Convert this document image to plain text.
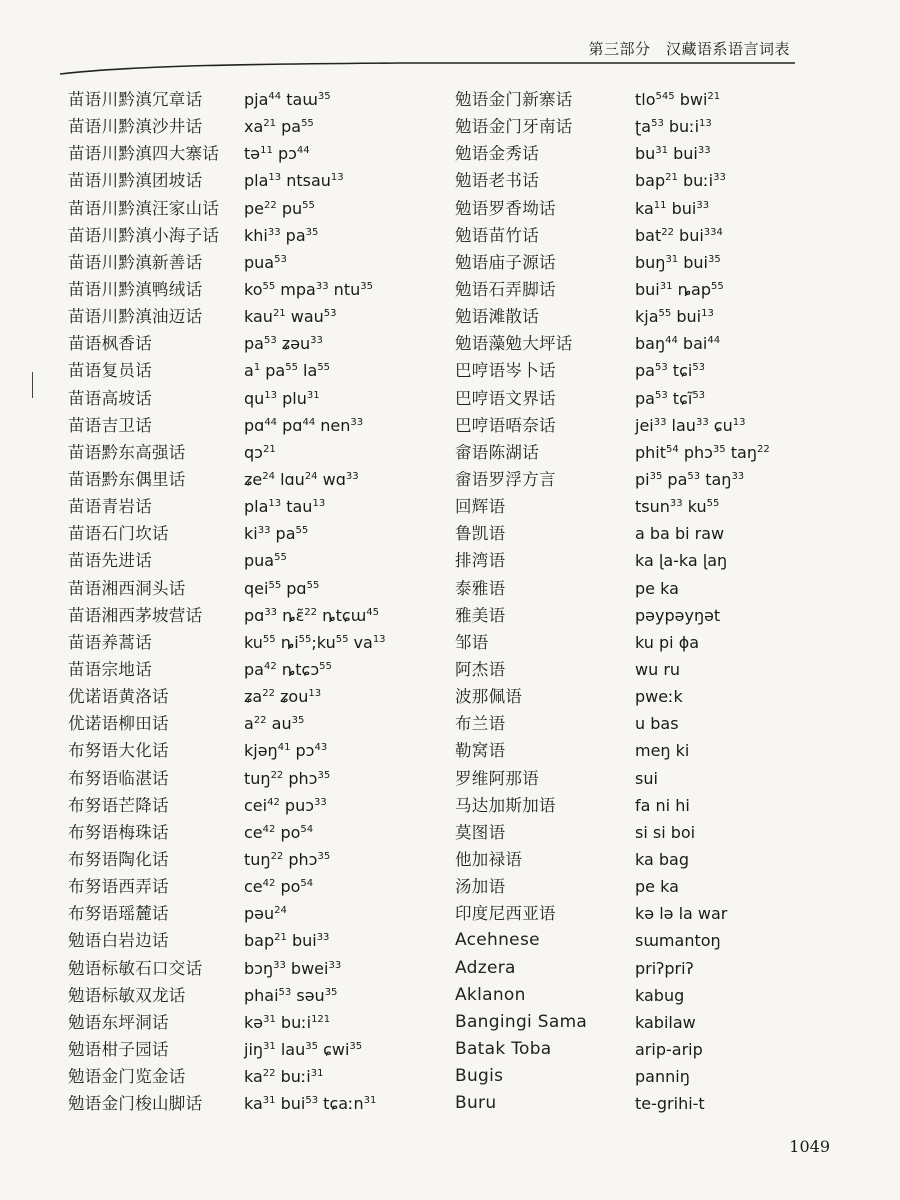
第三部分　汉藏语系语言词表
苗语川黔滇冗章话
苗语川黔滇沙井话
苗语川黔滇四大寨话
苗语川黔滇团坡话
苗语川黔滇汪家山话
苗语川黔滇小海子话
苗语川黔滇新善话
苗语川黔滇鸭绒话
苗语川黔滇油迈话
苗语枫香话
苗语复员话
苗语高坡话
苗语吉卫话
苗语黔东高强话
苗语黔东偶里话
苗语青岩话
苗语石门坎话
苗语先进话
苗语湘西洞头话
苗语湘西茅坡营话
苗语养蒿话
苗语宗地话
优诺语黄洛话
优诺语柳田话
布努语大化话
布努语临湛话
布努语芒降话
布努语梅珠话
布努语陶化话
布努语西弄话
布努语瑶麓话
勉语白岩边话
勉语标敏石口交话
勉语标敏双龙话
勉语东坪洞话
勉语柑子园话
勉语金门览金话
勉语金门梭山脚话
pja$^{44}$ taɯ$^{35}$
$xa^{21}$ $pa^{55}$
tə$^{11}$ pɔ$^{44}$
pla$^{13}$ ntsau$^{13}$
$pe^{22}$ $pu^{55}$
khi$^{33}$ $pa^{35}$
pua$^{53}$
$ko^{55}$ mpa$^{33}$ ntu$^{35}$
kau$^{21}$ wau$^{53}$
$pa^{53}$ ʑəu$^{33}$
$a^1$ $pa^{55}$ $la^{55}$
$qu^{13}$ plu$^{31}$
pɑ$^{44}$ pɑ$^{44}$ nen$^{33}$
qɔ$^{21}$
ʑe$^{24}$ lɑu$^{24}$ wɑ$^{33}$
pla$^{13}$ tau$^{13}$
$ki^{33}$ $pa^{55}$
pua$^{55}$
qei$^{55}$ pɑ$^{55}$
pɑ$^{33}$ ȵɛ̃$^{22}$ ȵtɕɯ$^{45}$
$ku^{55}$ $ȵi^{55};ku^{55}$ $va^{13}$
$pa^{42}$ ȵtɕɔ$^{55}$
ʑa$^{22}$ ʑou$^{13}$
$a^{22}$ $au^{35}$
kjəŋ$^{41}$ pɔ$^{43}$
tuŋ$^{22}$ phɔ$^{35}$
cei$^{42}$ puɔ$^{33}$
$ce^{42}$ $po^{54}$
tuŋ$^{22}$ phɔ$^{35}$
$ce^{42}$ $po^{54}$
pəu$^{24}$
bap$^{21}$ bui$^{33}$
bɔŋ$^{33}$ bwei$^{33}$
phai$^{53}$ səu$^{35}$
kə$^{31}$ buːi$^{121}$
jiŋ$^{31}$ lau$^{35}$ ɕwi$^{35}$
$ka^{22}$ buːi$^{31}$
$ka^{31}$ bui$^{53}$ tɕaːn$^{31}$
勉语金门新寨话
勉语金门牙南话
勉语金秀话
勉语老书话
勉语罗香坳话
勉语苗竹话
勉语庙子源话
勉语石弄脚话
勉语滩散话
勉语藻勉大坪话
巴哼语岑卜话
巴哼语文界话
巴哼语唔奈话
畲语陈湖话
畲语罗浮方言
回辉语
鲁凯语
排湾语
泰雅语
雅美语
邹语
阿杰语
波那佩语
布兰语
勒窝语
罗维阿那语
马达加斯加语
莫图语
他加禄语
汤加语
印度尼西亚语
Acehnese
Adzera
Aklanon
Bangingi Sama
Batak Toba
Bugis
Buru
tlo$^{545}$ bwi$^{21}$
ʈa$^{53}$ buːi$^{13}$
$bu^{31}$ bui$^{33}$
bap$^{21}$ buːi$^{33}$
$ka^{11}$ bui$^{33}$
bat$^{22}$ bui$^{334}$
buŋ$^{31}$ bui$^{35}$
bui$^{31}$ ȵap$^{55}$
kja$^{55}$ bui$^{13}$
baŋ$^{44}$ bai$^{44}$
$pa^{53}$ tɕi$^{53}$
$pa^{53}$ tɕĩ$^{53}$
jei$^{33}$ lau$^{33}$ ɕu$^{13}$
phit$^{54}$ phɔ$^{35}$ taŋ$^{22}$
$pi^{35}$ $pa^{53}$ taŋ$^{33}$
tsun$^{33}$ $ku^{55}$
a ba bi raw
ka ɭa-ka ɭaŋ
pe ka
pəypəyŋət
ku pi ɸa
wu ru
pweːk
u bas
meŋ ki
sui
fa ni hi
si si boi
ka bag
pe ka
kə lə la war
sɯmantoŋ
priʔpriʔ
kabug
kabilaw
arip-arip
panniŋ
te-grihi-t
1049
